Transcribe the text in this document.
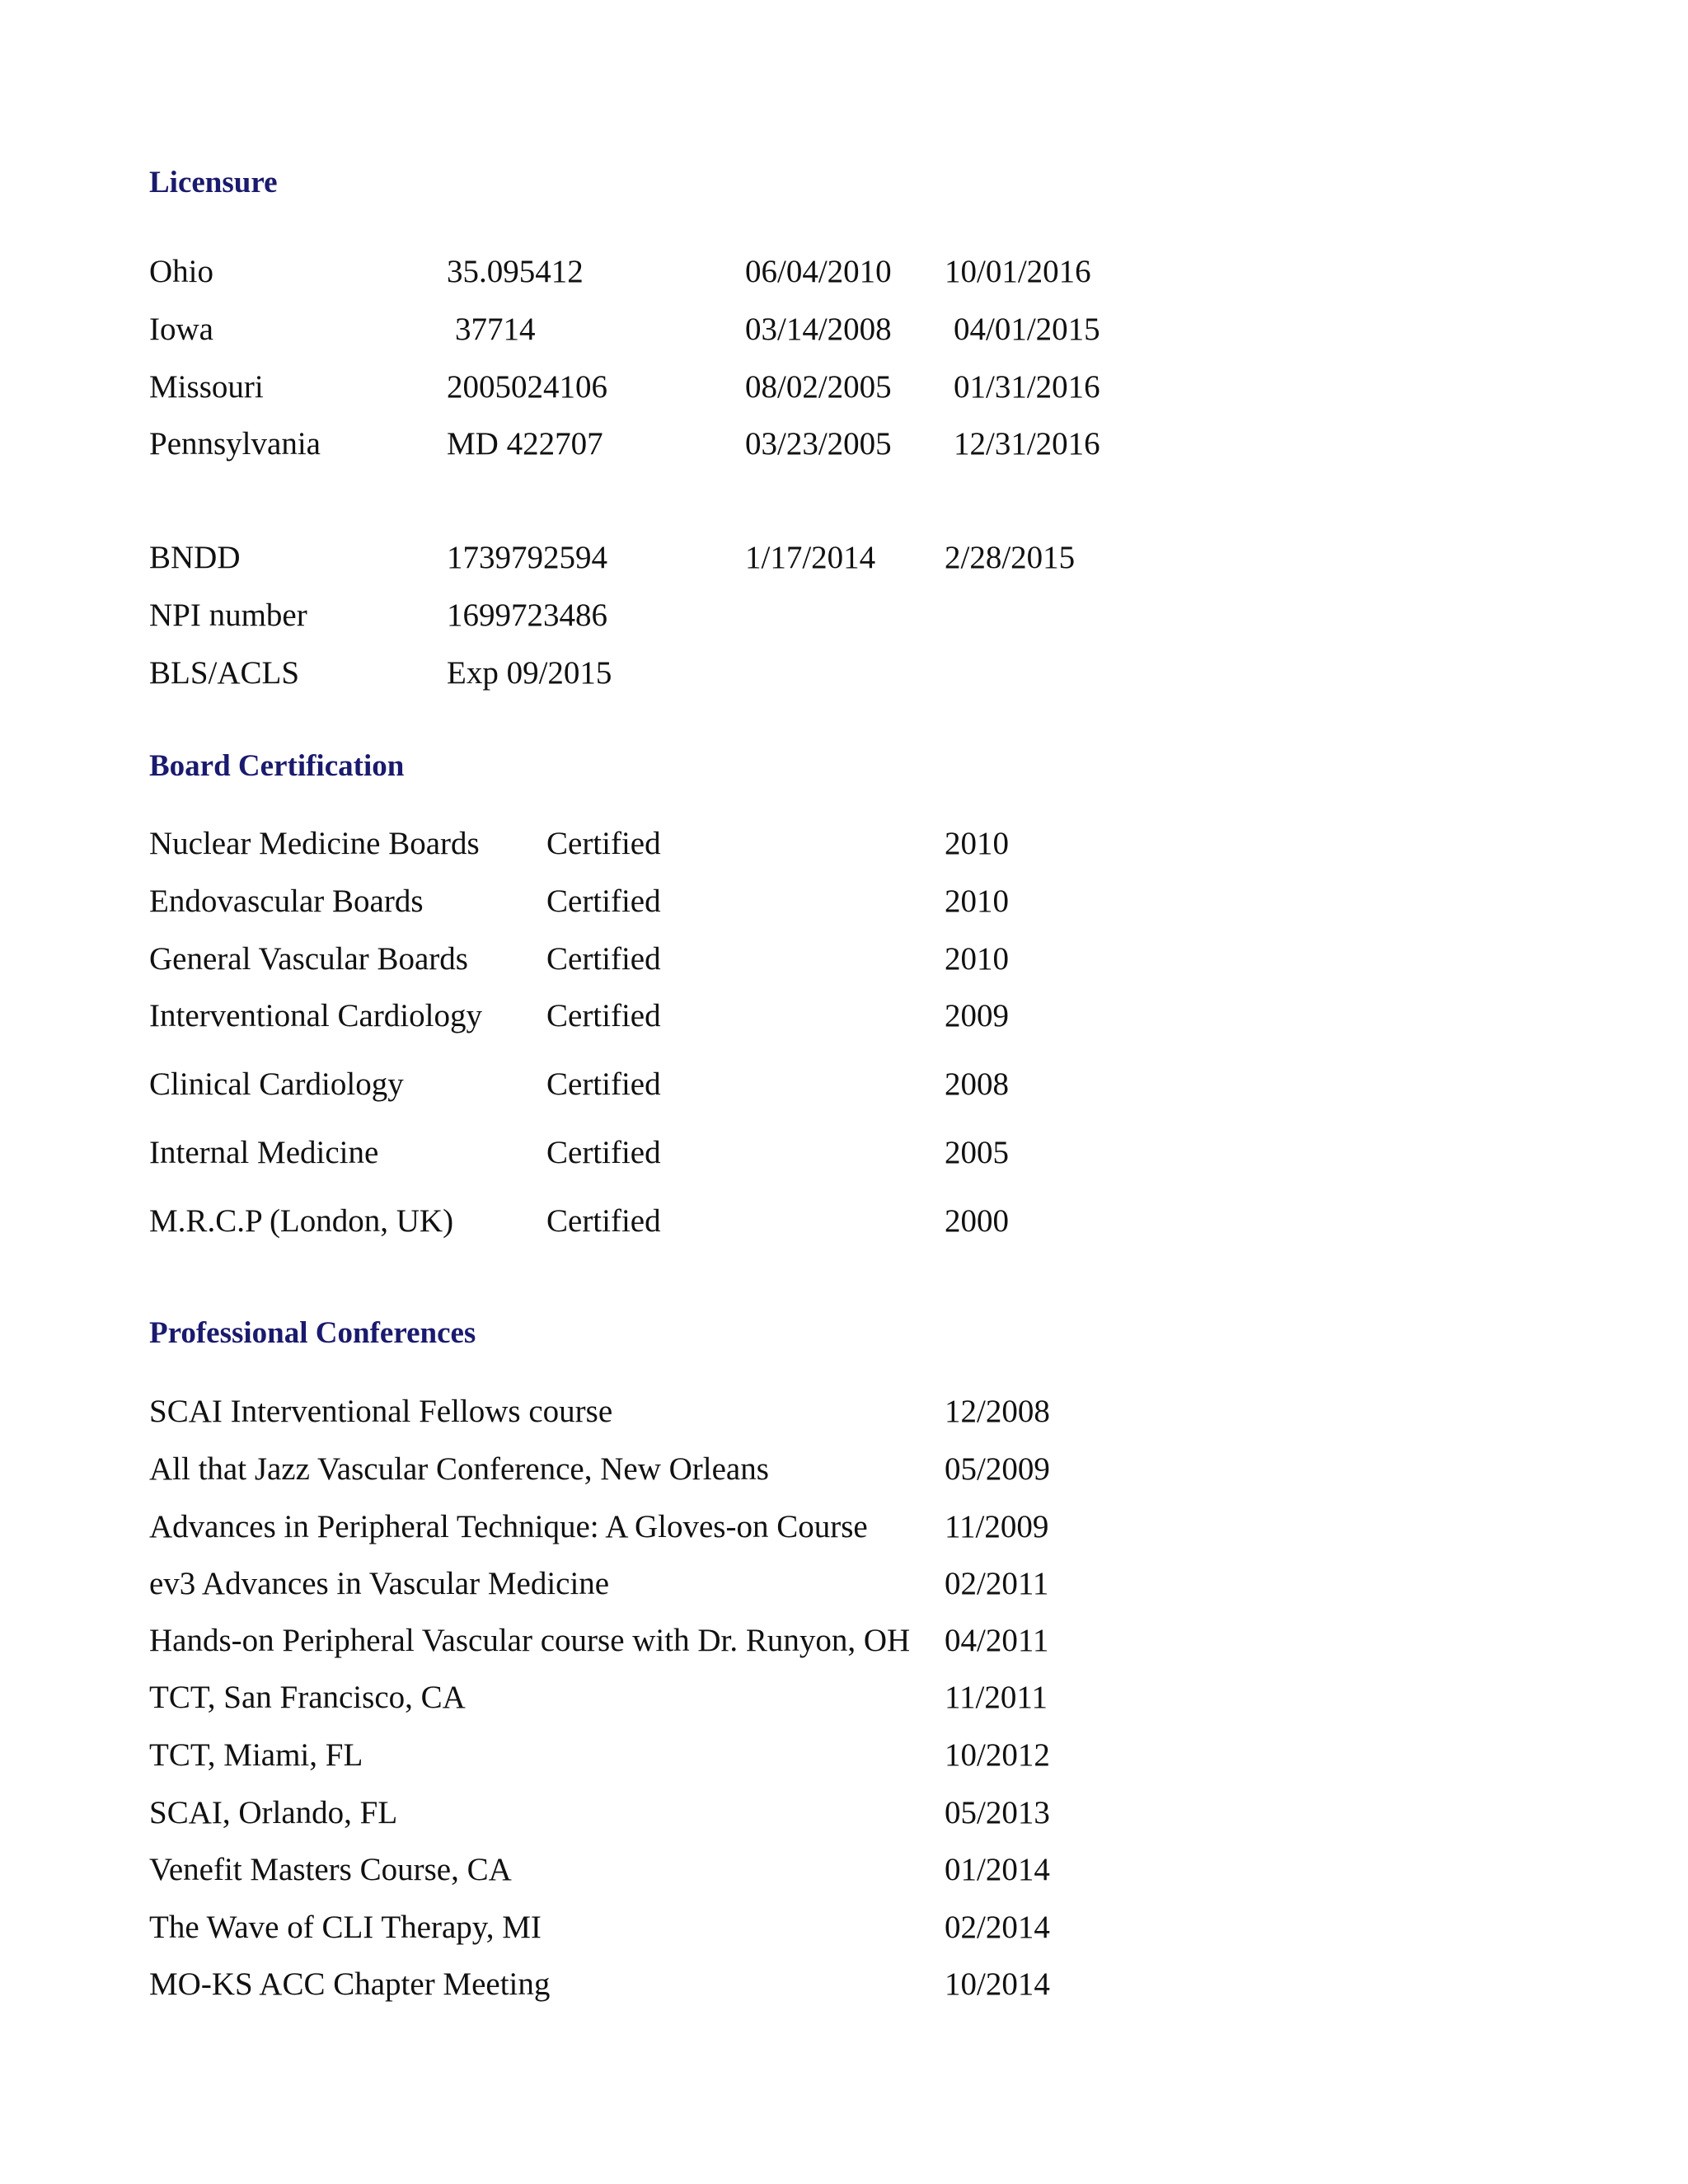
Licensure
Ohio	35.095412	06/04/2010 10/01/2016
Iowa	37714	03/14/2008 04/01/2015
Missouri	2005024106	08/02/2005 01/31/2016
Pennsylvania	MD 422707	03/23/2005 12/31/2016
BNDD	1739792594	1/17/2014 2/28/2015
NPI number	1699723486
BLS/ACLS	Exp 09/2015
Board Certification
Nuclear Medicine Boards Certified	2010
Endovascular Boards	Certified	2010
General Vascular Boards Certified	2010
Interventional Cardiology Certified	2009
Clinical Cardiology	Certified	2008
Internal Medicine	Certified	2005
M.R.C.P (London, UK)	Certified	2000
Professional Conferences
SCAI Interventional Fellows course	12/2008
All that Jazz Vascular Conference, New Orleans	05/2009
Advances in Peripheral Technique: A Gloves-on Course 11/2009
ev3 Advances in Vascular Medicine	02/2011
Hands-on Peripheral Vascular course with Dr. Runyon, OH 04/2011
TCT, San Francisco, CA	11/2011
TCT, Miami, FL	10/2012
SCAI, Orlando, FL	05/2013
Venefit Masters Course, CA	01/2014
The Wave of CLI Therapy, MI	02/2014
MO-KS ACC Chapter Meeting	10/2014
